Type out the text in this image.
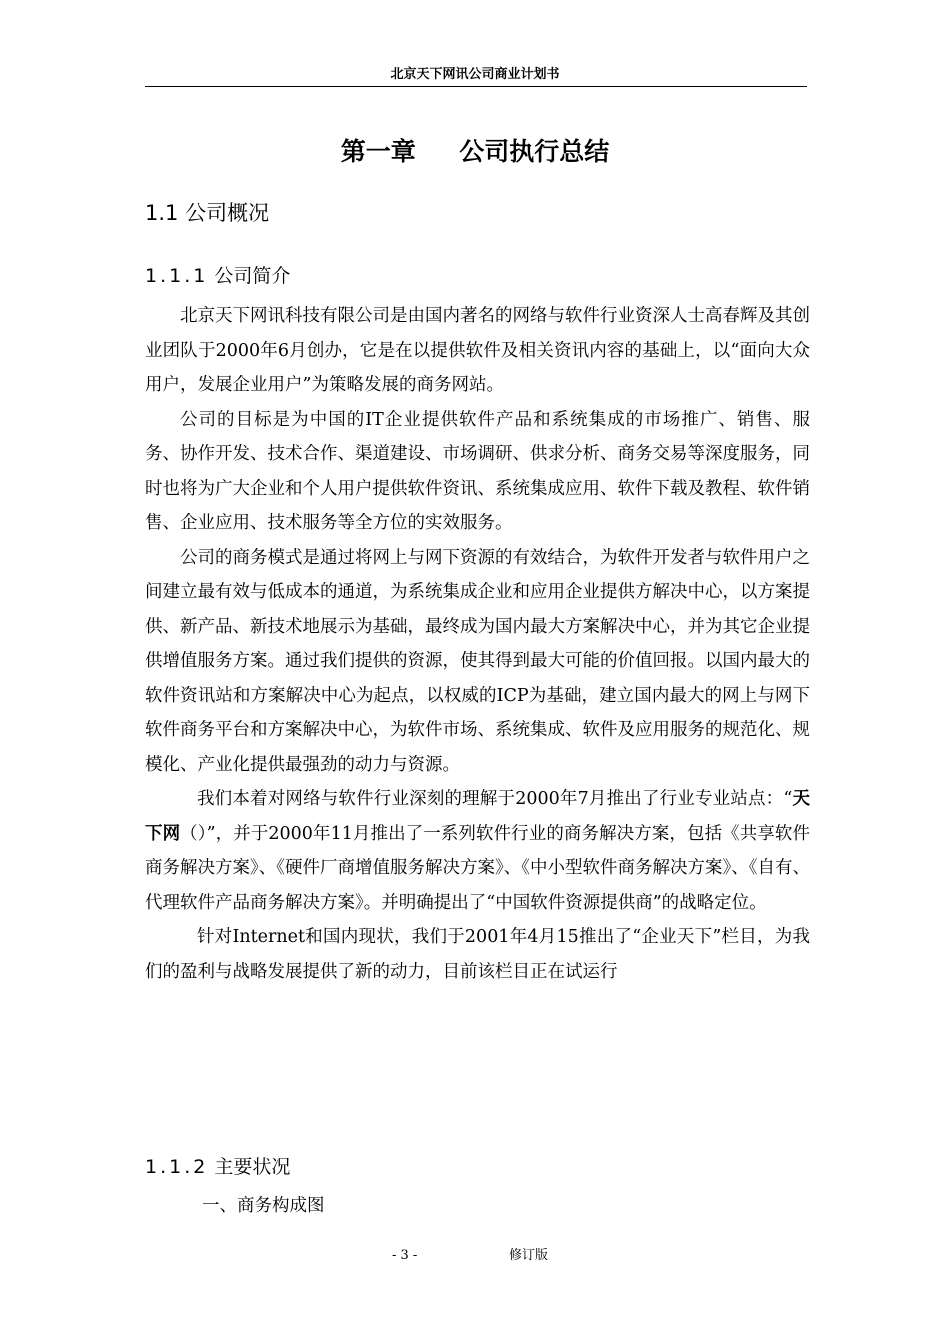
北京天下网讯公司商业计划书
第一章     公司执行总结
1.1 公司概况
1.1.1 公司简介

北京天下网讯科技有限公司是由国内著名的网络与软件行业资深人士高春辉及其创业团队于2000年6月创办，它是在以提供软件及相关资讯内容的基础上，以“面向大众用户，发展企业用户”为策略发展的商务网站。

公司的目标是为中国的IT企业提供软件产品和系统集成的市场推广、销售、服务、协作开发、技术合作、渠道建设、市场调研、供求分析、商务交易等深度服务，同时也将为广大企业和个人用户提供软件资讯、系统集成应用、软件下载及教程、软件销售、企业应用、技术服务等全方位的实效服务。

公司的商务模式是通过将网上与网下资源的有效结合，为软件开发者与软件用户之间建立最有效与低成本的通道，为系统集成企业和应用企业提供方解决中心，以方案提供、新产品、新技术地展示为基础，最终成为国内最大方案解决中心，并为其它企业提供增值服务方案。通过我们提供的资源，使其得到最大可能的价值回报。以国内最大的软件资讯站和方案解决中心为起点，以权威的ICP为基础，建立国内最大的网上与网下软件商务平台和方案解决中心，为软件市场、系统集成、软件及应用服务的规范化、规模化、产业化提供最强劲的动力与资源。

我们本着对网络与软件行业深刻的理解于2000年7月推出了行业专业站点：“天下网（）”，并于2000年11月推出了一系列软件行业的商务解决方案，包括《共享软件商务解决方案》、《硬件厂商增值服务解决方案》、《中小型软件商务解决方案》、《自有、代理软件产品商务解决方案》。并明确提出了“中国软件资源提供商”的战略定位。

针对Internet和国内现状，我们于2001年4月15推出了“企业天下”栏目，为我们的盈利与战略发展提供了新的动力，目前该栏目正在试运行

1.1.2 主要状况
一、商务构成图
- 3 -	修订版
